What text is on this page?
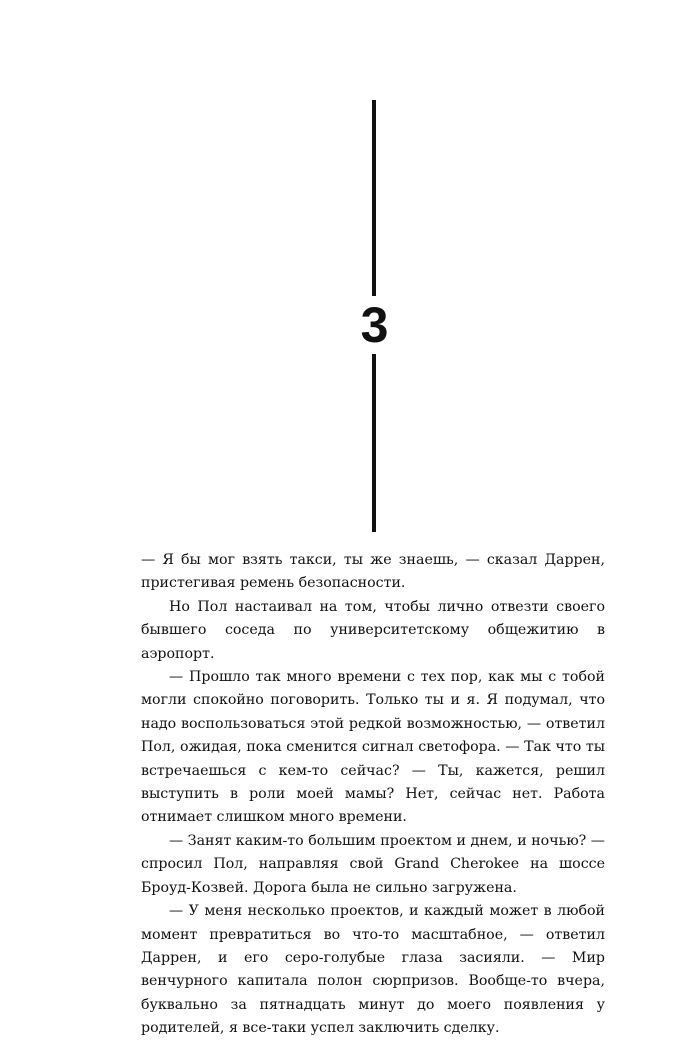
3

— Я бы мог взять такси, ты же знаешь, — сказал Даррен, пристегивая ремень безопасности.

Но Пол настаивал на том, чтобы лично отвезти своего бывшего соседа по университетскому общежитию в аэропорт.

— Прошло так много времени с тех пор, как мы с тобой могли спокойно поговорить. Только ты и я. Я подумал, что надо воспользоваться этой редкой возможностью, — ответил Пол, ожидая, пока сменится сигнал светофора. — Так что ты встречаешься с кем-то сейчас? — Ты, кажется, решил выступить в роли моей мамы? Нет, сейчас нет. Работа отнимает слишком много времени.

— Занят каким-то большим проектом и днем, и ночью? — спросил Пол, направляя свой Grand Cherokee на шоссе Броуд-Козвей. Дорога была не сильно загружена.

— У меня несколько проектов, и каждый может в любой момент превратиться во что-то масштабное, — ответил Даррен, и его серо-голубые глаза засияли. — Мир венчурного капитала полон сюрпризов. Вообще-то вчера, буквально за пятнадцать минут до моего появления у родителей, я все-таки успел заключить сделку.
